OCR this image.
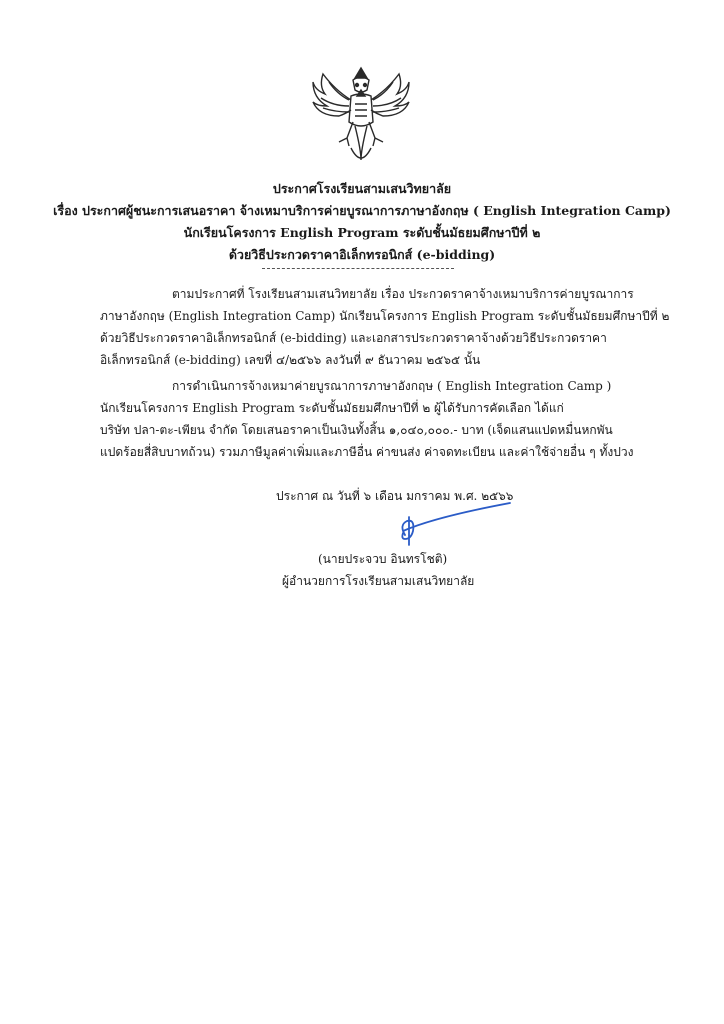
ประกาศโรงเรียนสามเสนวิทยาลัย
เรื่อง ประกาศผู้ชนะการเสนอราคา จ้างเหมาบริการค่ายบูรณาการภาษาอังกฤษ ( English Integration Camp)
นักเรียนโครงการ English Program ระดับชั้นมัธยมศึกษาปีที่ ๒
ด้วยวิธีประกวดราคาอิเล็กทรอนิกส์ (e-bidding)
ตามประกาศที่ โรงเรียนสามเสนวิทยาลัย เรื่อง ประกวดราคาจ้างเหมาบริการค่ายบูรณาการ
ภาษาอังกฤษ (English Integration Camp) นักเรียนโครงการ English Program ระดับชั้นมัธยมศึกษาปีที่ ๒
ด้วยวิธีประกวดราคาอิเล็กทรอนิกส์ (e-bidding) และเอกสารประกวดราคาจ้างด้วยวิธีประกวดราคา
อิเล็กทรอนิกส์ (e-bidding) เลขที่ ๔/๒๕๖๖ ลงวันที่ ๙ ธันวาคม ๒๕๖๕ นั้น
การดำเนินการจ้างเหมาค่ายบูรณาการภาษาอังกฤษ ( English Integration Camp )
นักเรียนโครงการ English Program ระดับชั้นมัธยมศึกษาปีที่ ๒ ผู้ได้รับการคัดเลือก ได้แก่
บริษัท ปลา-ตะ-เพียน จำกัด โดยเสนอราคาเป็นเงินทั้งสิ้น ๑,๐๔๐,๐๐๐.- บาท (เจ็ดแสนแปดหมื่นหกพัน
แปดร้อยสี่สิบบาทถ้วน) รวมภาษีมูลค่าเพิ่มและภาษีอื่น ค่าขนส่ง ค่าจดทะเบียน และค่าใช้จ่ายอื่น ๆ ทั้งปวง
ประกาศ ณ วันที่ ๖ เดือน มกราคม พ.ศ. ๒๕๖๖
(นายประจวบ อินทรโชติ)
ผู้อำนวยการโรงเรียนสามเสนวิทยาลัย
